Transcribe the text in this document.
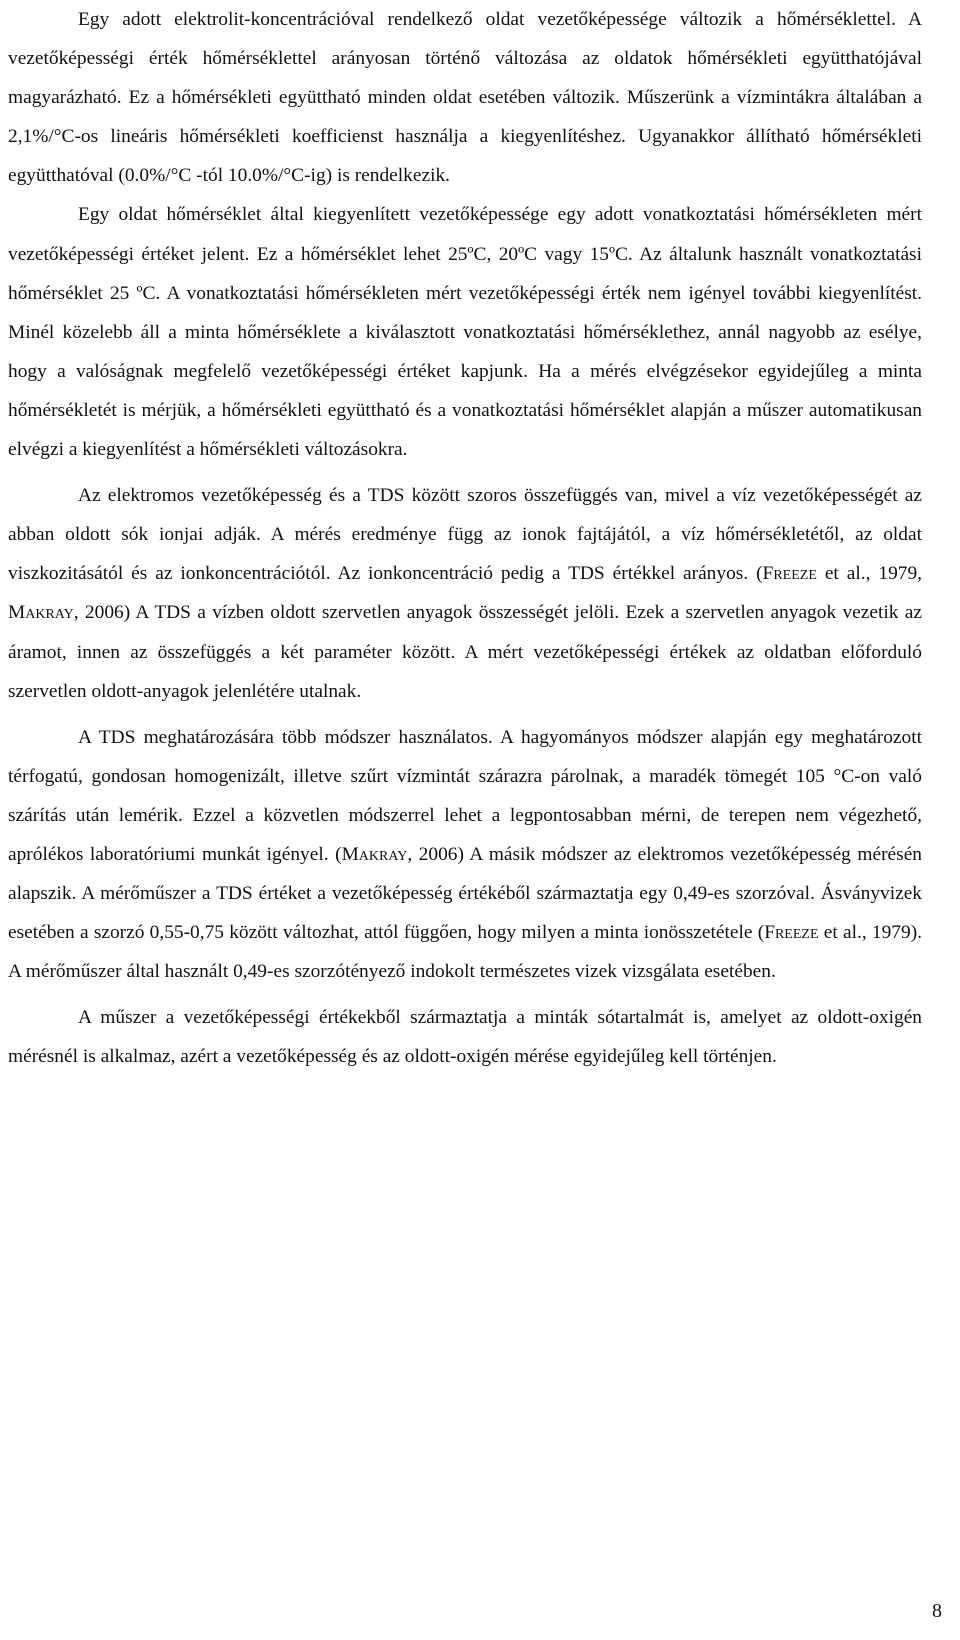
Egy adott elektrolit-koncentrációval rendelkező oldat vezetőképessége változik a hőmérséklettel. A vezetőképességi érték hőmérséklettel arányosan történő változása az oldatok hőmérsékleti együtthatójával magyarázható. Ez a hőmérsékleti együttható minden oldat esetében változik. Műszerünk a vízmintákra általában a 2,1%/°C-os lineáris hőmérsékleti koefficienst használja a kiegyenlítéshez. Ugyanakkor állítható hőmérsékleti együtthatóval (0.0%/°C -tól 10.0%/°C-ig) is rendelkezik.

Egy oldat hőmérséklet által kiegyenlített vezetőképessége egy adott vonatkoztatási hőmérsékleten mért vezetőképességi értéket jelent. Ez a hőmérséklet lehet 25ºC, 20ºC vagy 15ºC. Az általunk használt vonatkoztatási hőmérséklet 25 ºC. A vonatkoztatási hőmérsékleten mért vezetőképességi érték nem igényel további kiegyenlítést. Minél közelebb áll a minta hőmérséklete a kiválasztott vonatkoztatási hőmérséklethez, annál nagyobb az esélye, hogy a valóságnak megfelelő vezetőképességi értéket kapjunk. Ha a mérés elvégzésekor egyidejűleg a minta hőmérsékletét is mérjük, a hőmérsékleti együttható és a vonatkoztatási hőmérséklet alapján a műszer automatikusan elvégzi a kiegyenlítést a hőmérsékleti változásokra.

Az elektromos vezetőképesség és a TDS között szoros összefüggés van, mivel a víz vezetőképességét az abban oldott sók ionjai adják. A mérés eredménye függ az ionok fajtájától, a víz hőmérsékletétől, az oldat viszkozitásától és az ionkoncentrációtól. Az ionkoncentráció pedig a TDS értékkel arányos. (Freeze et al., 1979, Makray, 2006) A TDS a vízben oldott szervetlen anyagok összességét jelöli. Ezek a szervetlen anyagok vezetik az áramot, innen az összefüggés a két paraméter között. A mért vezetőképességi értékek az oldatban előforduló szervetlen oldott-anyagok jelenlétére utalnak.

A TDS meghatározására több módszer használatos. A hagyományos módszer alapján egy meghatározott térfogatú, gondosan homogenizált, illetve szűrt vízmintát szárazra párolnak, a maradék tömegét 105 °C-on való szárítás után lemérik. Ezzel a közvetlen módszerrel lehet a legpontosabban mérni, de terepen nem végezhető, aprólékos laboratóriumi munkát igényel. (Makray, 2006) A másik módszer az elektromos vezetőképesség mérésén alapszik. A mérőműszer a TDS értéket a vezetőképesség értékéből származtatja egy 0,49-es szorzóval. Ásványvizek esetében a szorzó 0,55-0,75 között változhat, attól függően, hogy milyen a minta ionösszetétele (Freeze et al., 1979). A mérőműszer által használt 0,49-es szorzótényező indokolt természetes vizek vizsgálata esetében.

A műszer a vezetőképességi értékekből származtatja a minták sótartalmát is, amelyet az oldott-oxigén mérésnél is alkalmaz, azért a vezetőképesség és az oldott-oxigén mérése egyidejűleg kell történjen.

8
